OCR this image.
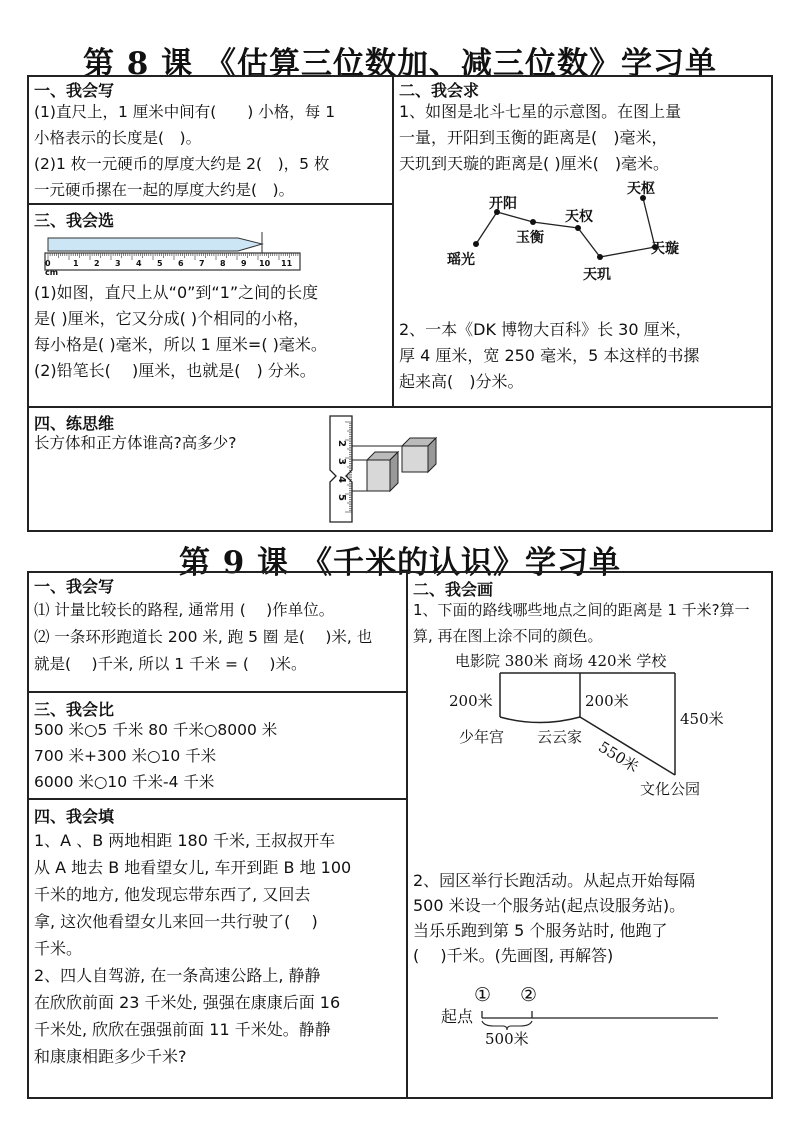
第 8 课 《估算三位数加、减三位数》学习单
一、我会写
(1)直尺上，1 厘米中间有(　　) 小格，每 1
小格表示的长度是(　)。
(2)1 枚一元硬币的厚度大约是 2(　)，5 枚
一元硬币摞在一起的厚度大约是(　)。
二、我会求
1、如图是北斗七星的示意图。在图上量
一量，开阳到玉衡的距离是(　)毫米，
天玑到天璇的距离是( )厘米(　)毫米。
天枢
开阳
天权
玉衡
天璇
瑶光
天玑
2、一本《DK 博物大百科》长 30 厘米，
厚 4 厘米，宽 250 毫米，5 本这样的书摞
起来高(　)分米。
三、我会选
0 cm
1 2 3 4 5 6 7 8 9 10 11
(1)如图，直尺上从“0”到“1”之间的长度
是( )厘米，它又分成( )个相同的小格，
每小格是( )毫米，所以 1 厘米=( )毫米。
(2)铅笔长(　 )厘米，也就是(　) 分米。
四、练思维
长方体和正方体谁高?高多少?	2
3
4
5
第 9 课 《千米的认识》学习单
一、我会写
⑴ 计量比较长的路程, 通常用 (　 )作单位。
⑵ 一条环形跑道长 200 米, 跑 5 圈 是(　 )米, 也
就是(　 )千米, 所以 1 千米 = (　 )米。
三、我会比
500 米○5 千米 80 千米○8000 米
700 米+300 米○10 千米
6000 米○10 千米-4 千米
四、我会填
1、A 、B 两地相距 180 千米, 王叔叔开车
从 A 地去 B 地看望女儿, 车开到距 B 地 100
千米的地方, 他发现忘带东西了, 又回去
拿, 这次他看望女儿来回一共行驶了(　 )
千米。
2、四人自驾游, 在一条高速公路上, 静静
在欣欣前面 23 千米处, 强强在康康后面 16
千米处, 欣欣在强强前面 11 千米处。静静
和康康相距多少千米?
二、我会画
1、下面的路线哪些地点之间的距离是 1 千米?算一
算, 再在图上涂不同的颜色。
电影院 380米 商场 420米 学校
200米	200米
450米
550米
少年宫 云云家
文化公园
2、园区举行长跑活动。从起点开始每隔
500 米设一个服务站(起点设服务站)。
当乐乐跑到第 5 个服务站时, 他跑了
(　 )千米。(先画图, 再解答)
起点
① ②
500米
